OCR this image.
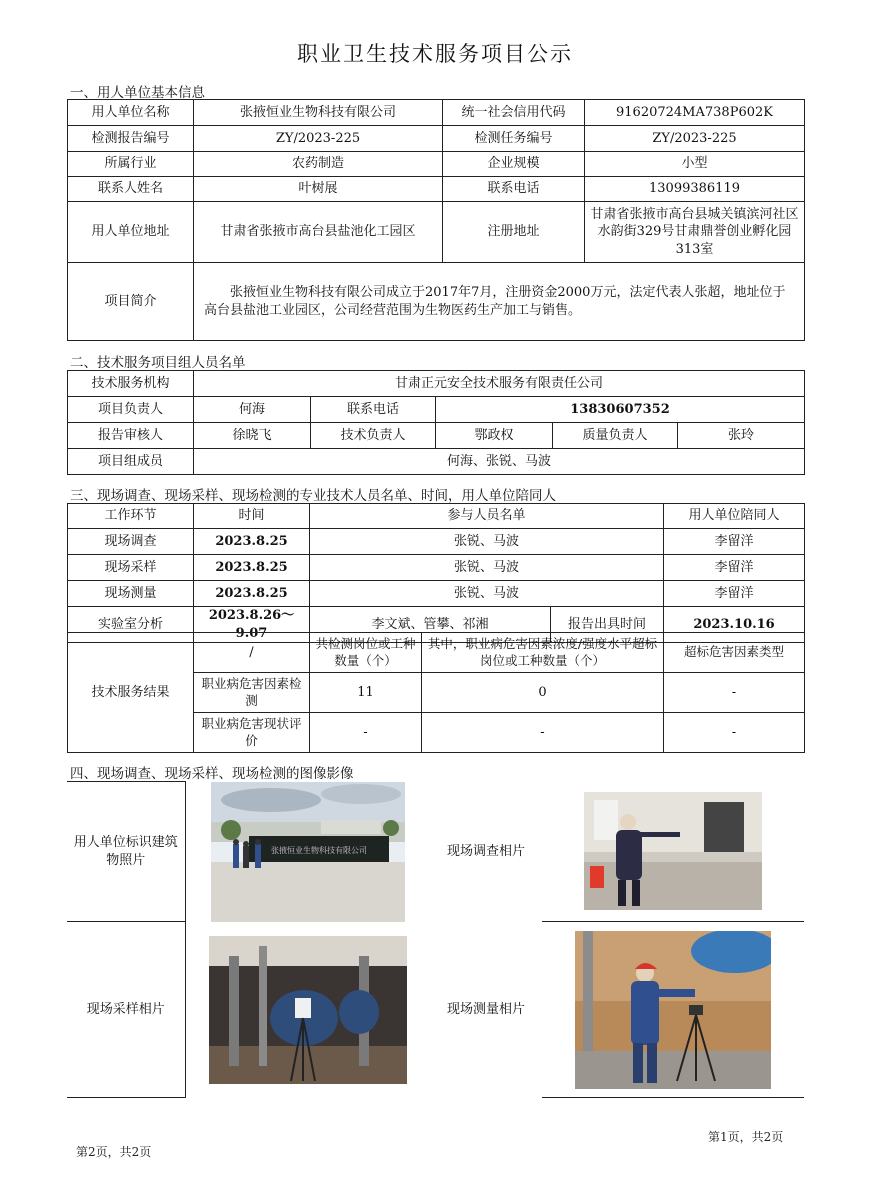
职业卫生技术服务项目公示
一、用人单位基本信息
用人单位名称	张掖恒业生物科技有限公司	统一社会信用代码	91620724MA738P602K
检测报告编号	ZY/2023-225	检测任务编号	ZY/2023-225
所属行业	农药制造	企业规模	小型
联系人姓名	叶树展	联系电话	13099386119
用人单位地址	甘肃省张掖市高台县盐池化工园区	注册地址	甘肃省张掖市高台县城关镇滨河社区水韵街329号甘肃鼎誉创业孵化园313室
项目简介	张掖恒业生物科技有限公司成立于2017年7月，注册资金2000万元，法定代表人张超，地址位于高台县盐池工业园区，公司经营范围为生物医药生产加工与销售。		
二、技术服务项目组人员名单
技术服务机构	甘肃正元安全技术服务有限责任公司				
项目负责人	何海	联系电话	13830607352		
报告审核人	徐晓飞	技术负责人	鄂政权	质量负责人	张玲
项目组成员	何海、张锐、马波				
三、现场调查、现场采样、现场检测的专业技术人员名单、时间，用人单位陪同人
工作环节	时间	参与人员名单		用人单位陪同人
现场调查	2023.8.25	张锐、马波		李留洋
现场采样	2023.8.25	张锐、马波		李留洋
现场测量	2023.8.25	张锐、马波		李留洋
实验室分析	2023.8.26～9.07	李文斌、管攀、祁湘	报告出具时间	2023.10.16
技术服务结果	/	共检测岗位或工种数量（个）	其中，职业病危害因素浓度/强度水平超标岗位或工种数量（个）	超标危害因素类型
	职业病危害因素检测	11	0	-
	职业病危害现状评价	-	-	-
四、现场调查、现场采样、现场检测的图像影像
用人单位标识建筑物照片	张掖恒业生物科技有限公司	现场调查相片	
现场采样相片		现场测量相片	
第1页，共2页
第2页，共2页
